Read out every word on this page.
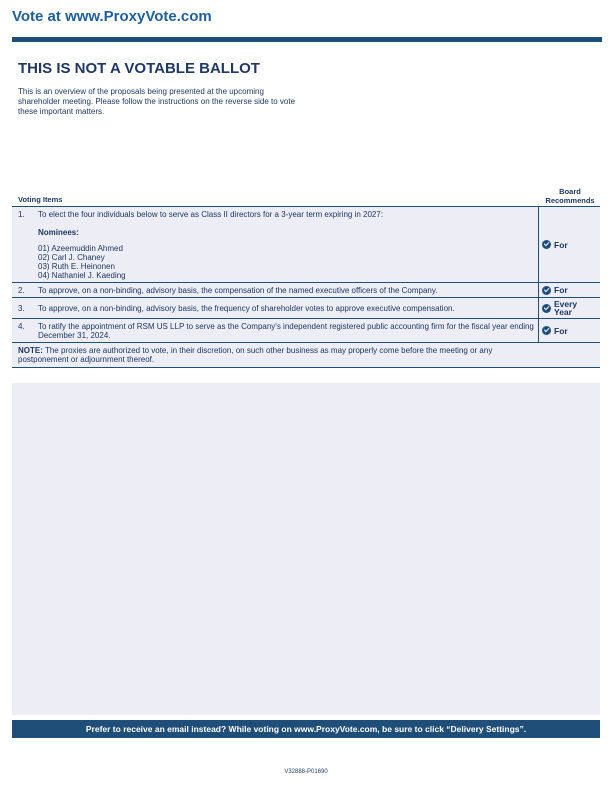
Vote at www.ProxyVote.com
THIS IS NOT A VOTABLE BALLOT
This is an overview of the proposals being presented at the upcoming shareholder meeting. Please follow the instructions on the reverse side to vote these important matters.
Voting Items
Board Recommends
1.	To elect the four individuals below to serve as Class II directors for a 3-year term expiring in 2027:
Nominees:
01) Azeemuddin Ahmed
02) Carl J. Chaney
03) Ruth E. Heinonen
04) Nathaniel J. Kaeding
For
2.	To approve, on a non-binding, advisory basis, the compensation of the named executive officers of the Company.	For
3.	To approve, on a non-binding, advisory basis, the frequency of shareholder votes to approve executive compensation.	Every Year
4.	To ratify the appointment of RSM US LLP to serve as the Company's independent registered public accounting firm for the fiscal year ending December 31, 2024.	For
NOTE: The proxies are authorized to vote, in their discretion, on such other business as may properly come before the meeting or any postponement or adjournment thereof.
Prefer to receive an email instead? While voting on www.ProxyVote.com, be sure to click “Delivery Settings”.
V32888-P01690
